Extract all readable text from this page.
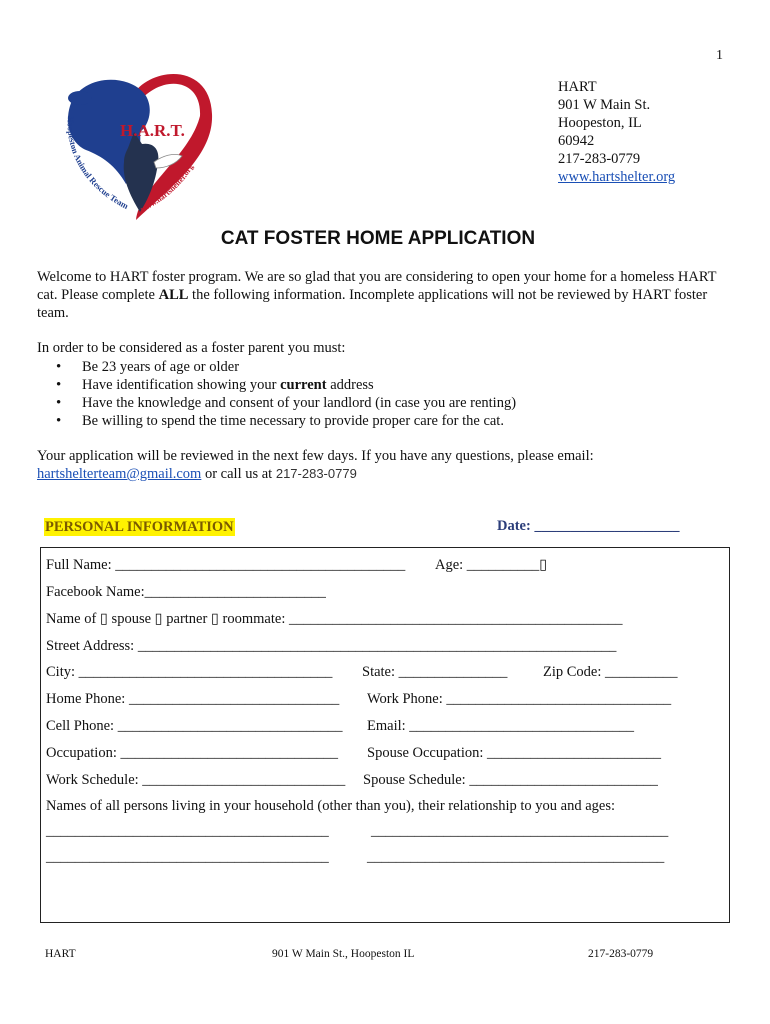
1
H.A.R.T.
Hoopeston Animal Rescue Team www.hartshelter.org
HART
901 W Main St.
Hoopeston, IL
60942
217-283-0779
www.hartshelter.org
CAT FOSTER HOME APPLICATION
Welcome to HART foster program. We are so glad that you are considering to open your home for a homeless HART cat. Please complete ALL the following information. Incomplete applications will not be reviewed by HART foster team.
In order to be considered as a foster parent you must:
• Be 23 years of age or older
• Have identification showing your current address
• Have the knowledge and consent of your landlord (in case you are renting)
• Be willing to spend the time necessary to provide proper care for the cat.
Your application will be reviewed in the next few days. If you have any questions, please email:
hartshelterteam@gmail.com or call us at 217-283-0779
PERSONAL INFORMATION	Date: ____________________
Full Name: ________________________________________ Age: __________▯
Facebook Name:_________________________
Name of ▯ spouse ▯ partner ▯ roommate: ______________________________________________
Street Address: __________________________________________________________________
City: ___________________________________ State: _______________ Zip Code: __________
Home Phone: _____________________________ Work Phone: _______________________________
Cell Phone: _______________________________ Email: _______________________________
Occupation: ______________________________ Spouse Occupation: ________________________
Work Schedule: ____________________________ Spouse Schedule: __________________________
Names of all persons living in your household (other than you), their relationship to you and ages:
_______________________________________	_________________________________________
_______________________________________	_________________________________________
HART	901 W Main St., Hoopeston IL	217-283-0779
